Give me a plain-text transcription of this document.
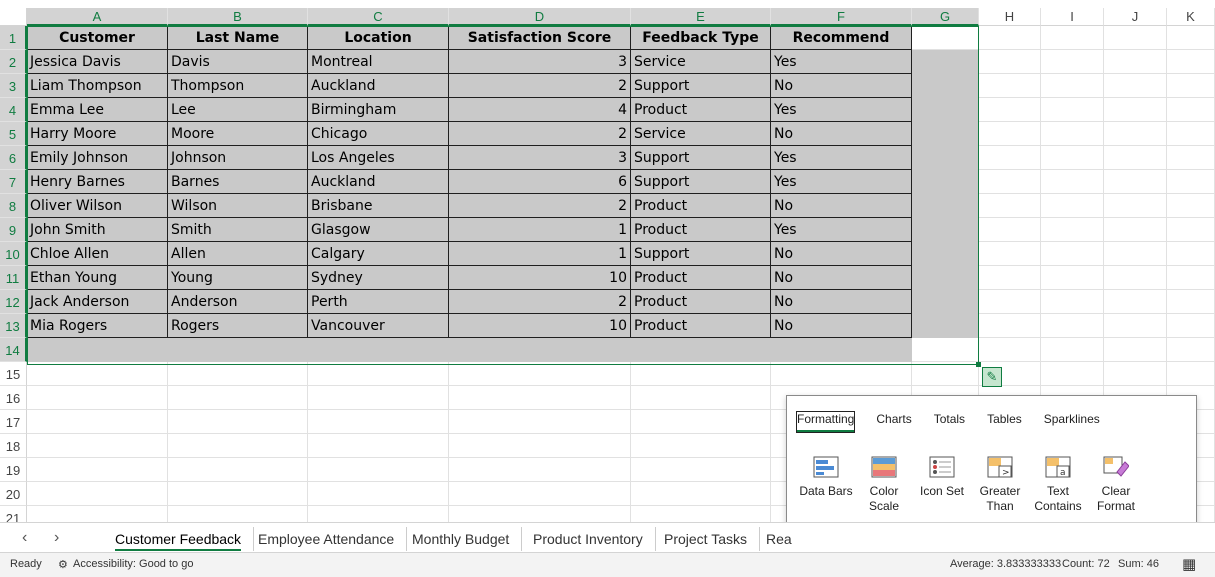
A	B	C	D	E	F	G	H	I	J	K
1	Customer	Last Name	Location	Satisfaction Score	Feedback Type	Recommend
2 Jessica Davis	Davis	Montreal	3 Service	Yes
3 Liam Thompson	Thompson	Auckland	2 Support	No
4 Emma Lee	Lee	Birmingham	4 Product	Yes
5 Harry Moore	Moore	Chicago	2 Service	No
6 Emily Johnson	Johnson	Los Angeles	3 Support	Yes
7 Henry Barnes	Barnes	Auckland	6 Support	Yes
8 Oliver Wilson	Wilson	Brisbane	2 Product	No
9 John Smith	Smith	Glasgow	1 Product	Yes
10 Chloe Allen	Allen	Calgary	1 Support	No
11 Ethan Young	Young	Sydney	10 Product	No
12 Jack Anderson	Anderson	Perth	2 Product	No
13 Mia Rogers	Rogers	Vancouver	10 Product	No
14
15
16
17
18
19
20
21
✎
Formatting Charts Totals Tables Sparklines
Data Bars	Color
Scale
Icon Set
>
Greater
Than
a
Text
Contains
Clear
Format
‹ ›	Customer Feedback	Employee Attendance	Monthly Budget	Product Inventory	Project Tasks	Rea
Ready ⚙ Accessibility: Good to go	Average: 3.833333333 Count: 72 Sum: 46 ▦
